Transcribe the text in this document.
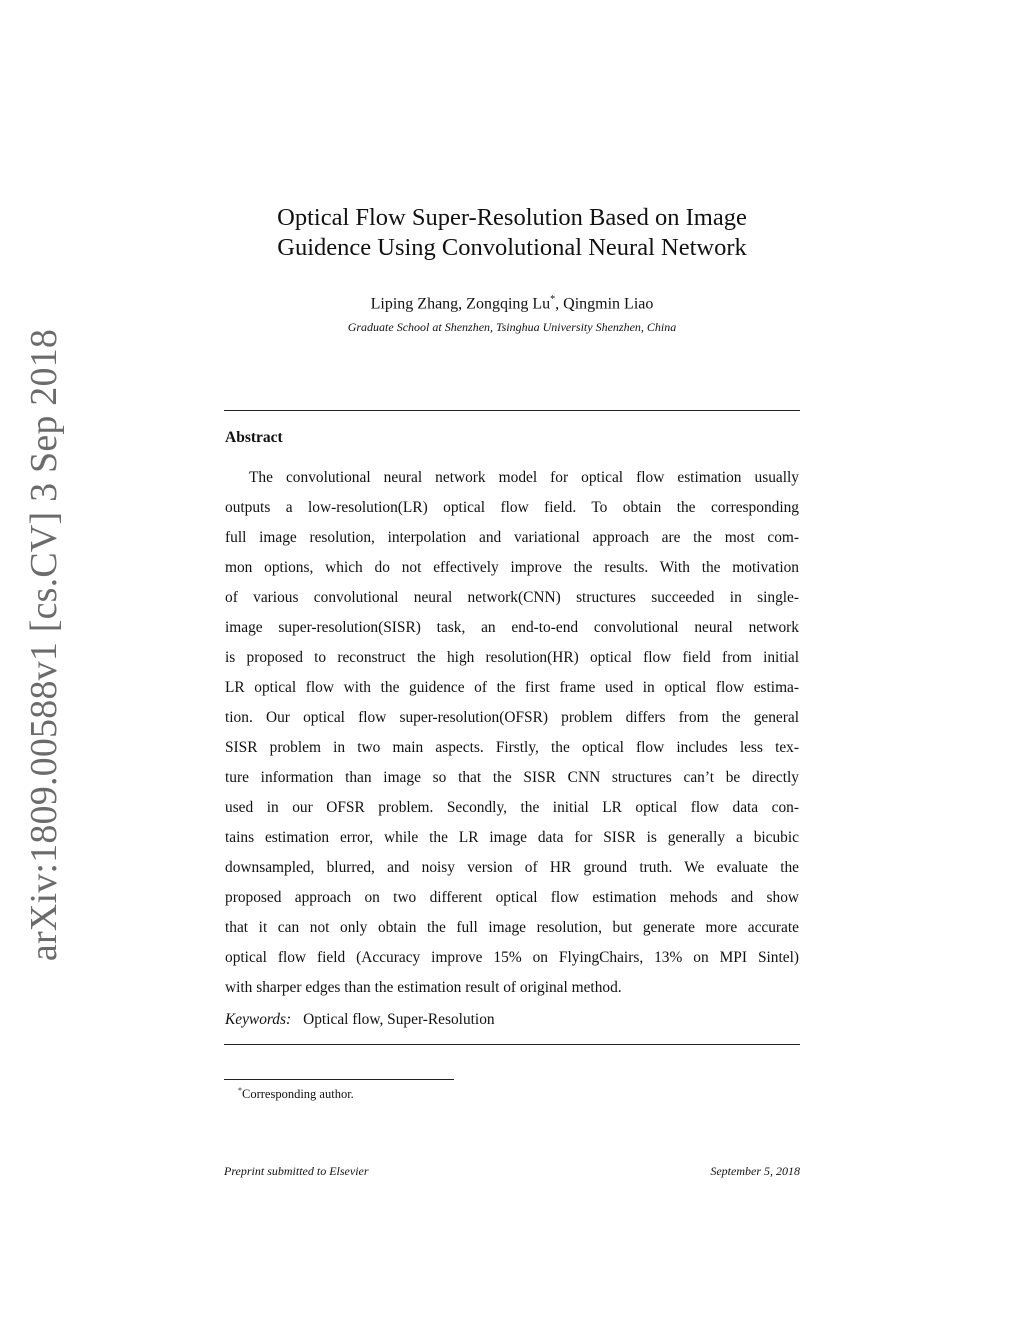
arXiv:1809.00588v1 [cs.CV] 3 Sep 2018
Optical Flow Super-Resolution Based on Image
Guidence Using Convolutional Neural Network
Liping Zhang, Zongqing Lu*, Qingmin Liao
Graduate School at Shenzhen, Tsinghua University Shenzhen, China
Abstract
The convolutional neural network model for optical flow estimation usually
outputs a low-resolution(LR) optical flow field. To obtain the corresponding
full image resolution, interpolation and variational approach are the most com-
mon options, which do not effectively improve the results. With the motivation
of various convolutional neural network(CNN) structures succeeded in single-
image super-resolution(SISR) task, an end-to-end convolutional neural network
is proposed to reconstruct the high resolution(HR) optical flow field from initial
LR optical flow with the guidence of the first frame used in optical flow estima-
tion. Our optical flow super-resolution(OFSR) problem differs from the general
SISR problem in two main aspects. Firstly, the optical flow includes less tex-
ture information than image so that the SISR CNN structures can’t be directly
used in our OFSR problem. Secondly, the initial LR optical flow data con-
tains estimation error, while the LR image data for SISR is generally a bicubic
downsampled, blurred, and noisy version of HR ground truth. We evaluate the
proposed approach on two different optical flow estimation mehods and show
that it can not only obtain the full image resolution, but generate more accurate
optical flow field (Accuracy improve 15% on FlyingChairs, 13% on MPI Sintel)
with sharper edges than the estimation result of original method.
Keywords: Optical flow, Super-Resolution
*Corresponding author.
Preprint submitted to Elsevier	September 5, 2018
